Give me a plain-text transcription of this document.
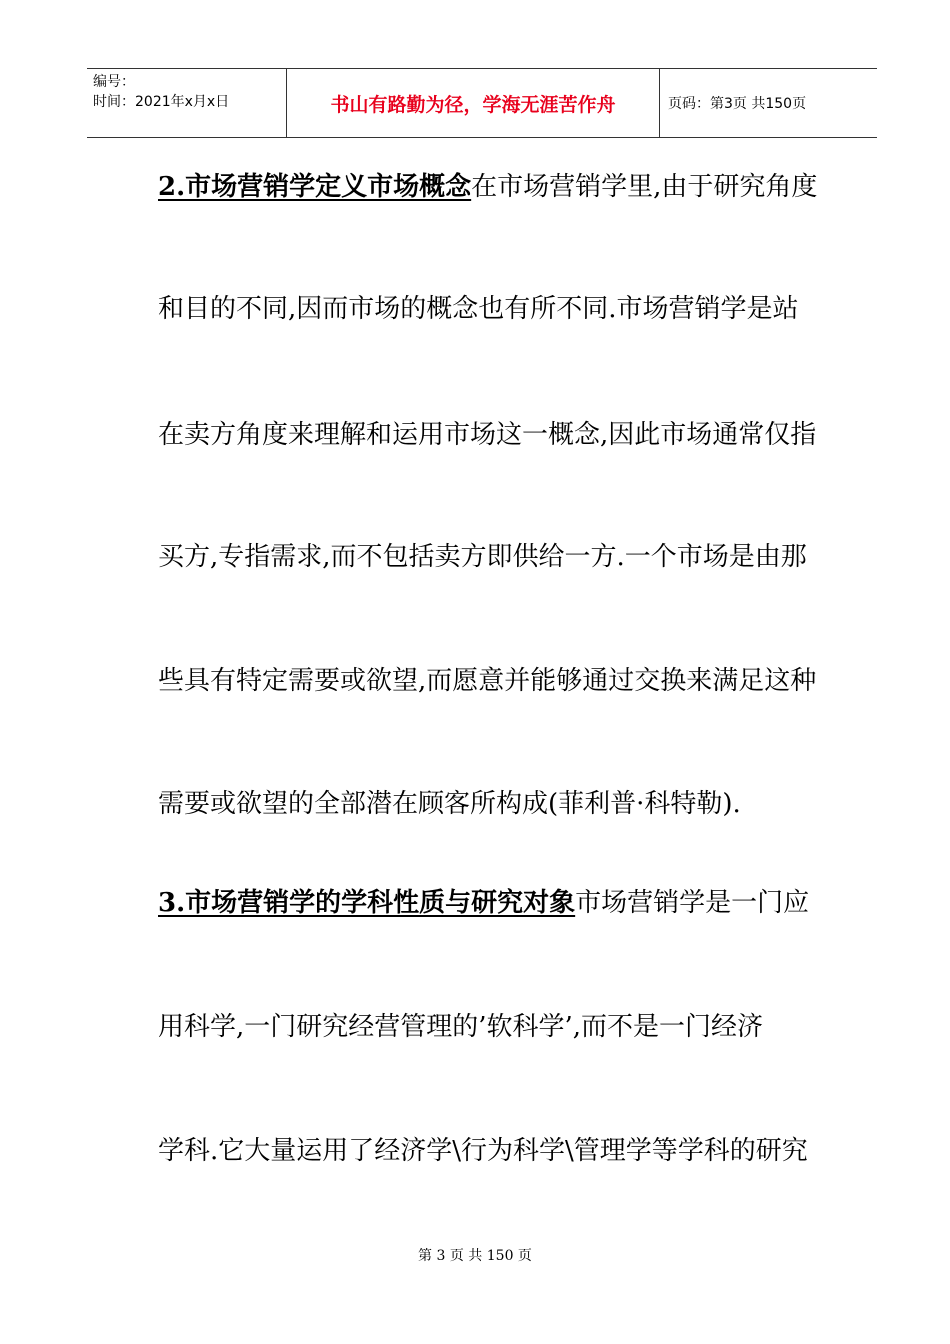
编号：
时间：2021年x月x日	书山有路勤为径，学海无涯苦作舟	页码：第3页 共150页
2.市场营销学定义市场概念在市场营销学里,由于研究角度
和目的不同,因而市场的概念也有所不同.市场营销学是站
在卖方角度来理解和运用市场这一概念,因此市场通常仅指
买方,专指需求,而不包括卖方即供给一方.一个市场是由那
些具有特定需要或欲望,而愿意并能够通过交换来满足这种
需要或欲望的全部潜在顾客所构成(菲利普·科特勒).
3.市场营销学的学科性质与研究对象市场营销学是一门应
用科学,一门研究经营管理的’软科学’,而不是一门经济
学科.它大量运用了经济学\行为科学\管理学等学科的研究
第 3 页 共 150 页
